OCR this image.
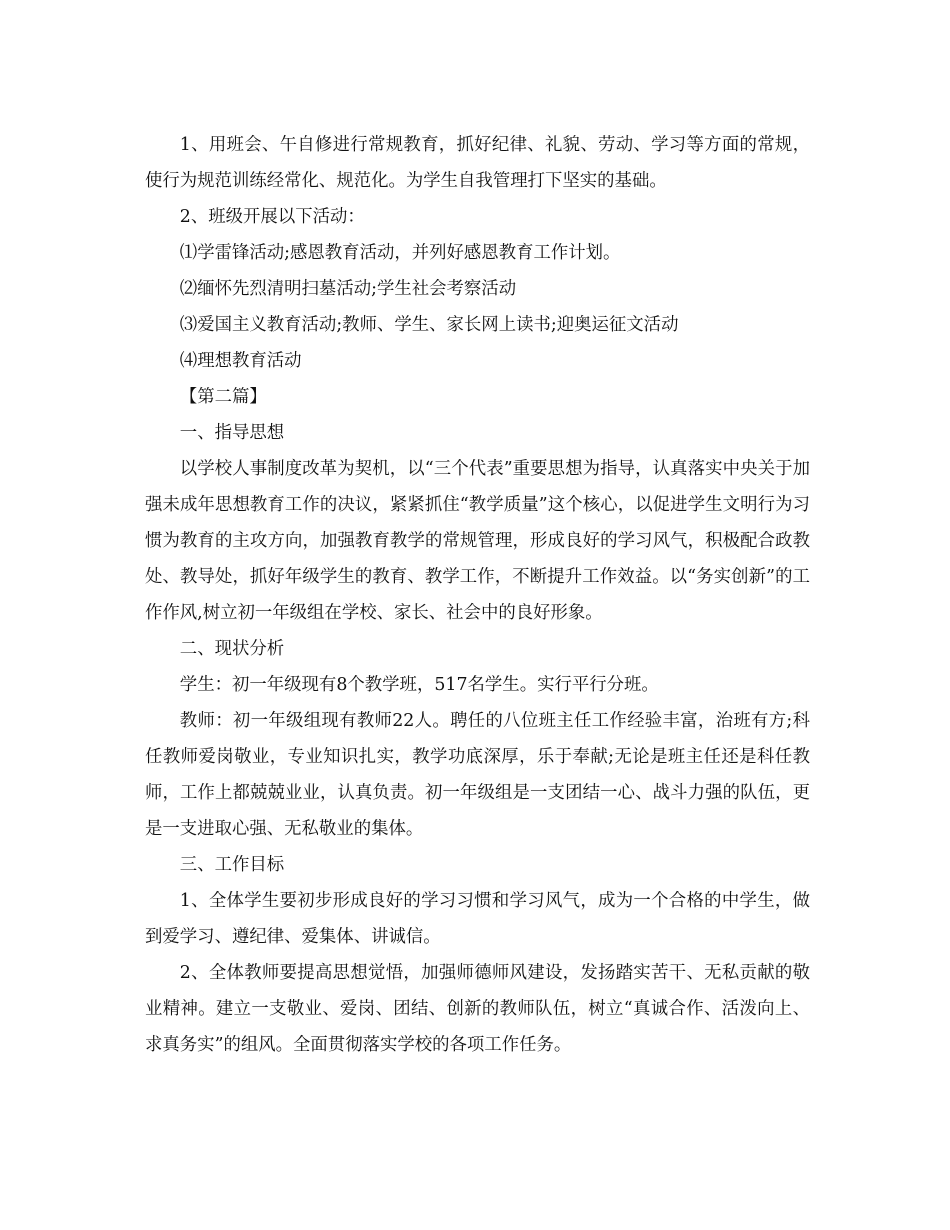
1、用班会、午自修进行常规教育，抓好纪律、礼貌、劳动、学习等方面的常规，使行为规范训练经常化、规范化。为学生自我管理打下坚实的基础。

2、班级开展以下活动：

⑴学雷锋活动;感恩教育活动，并列好感恩教育工作计划。

⑵缅怀先烈清明扫墓活动;学生社会考察活动

⑶爱国主义教育活动;教师、学生、家长网上读书;迎奥运征文活动

⑷理想教育活动

【第二篇】

一、指导思想

以学校人事制度改革为契机，以“三个代表”重要思想为指导，认真落实中央关于加强未成年思想教育工作的决议，紧紧抓住“教学质量”这个核心，以促进学生文明行为习惯为教育的主攻方向，加强教育教学的常规管理，形成良好的学习风气，积极配合政教处、教导处，抓好年级学生的教育、教学工作，不断提升工作效益。以“务实创新”的工作作风,树立初一年级组在学校、家长、社会中的良好形象。

二、现状分析

学生：初一年级现有8个教学班，517名学生。实行平行分班。

教师：初一年级组现有教师22人。聘任的八位班主任工作经验丰富，治班有方;科任教师爱岗敬业，专业知识扎实，教学功底深厚，乐于奉献;无论是班主任还是科任教师，工作上都兢兢业业，认真负责。初一年级组是一支团结一心、战斗力强的队伍，更是一支进取心强、无私敬业的集体。

三、工作目标

1、全体学生要初步形成良好的学习习惯和学习风气，成为一个合格的中学生，做到爱学习、遵纪律、爱集体、讲诚信。

2、全体教师要提高思想觉悟，加强师德师风建设，发扬踏实苦干、无私贡献的敬业精神。建立一支敬业、爱岗、团结、创新的教师队伍，树立“真诚合作、活泼向上、求真务实”的组风。全面贯彻落实学校的各项工作任务。
